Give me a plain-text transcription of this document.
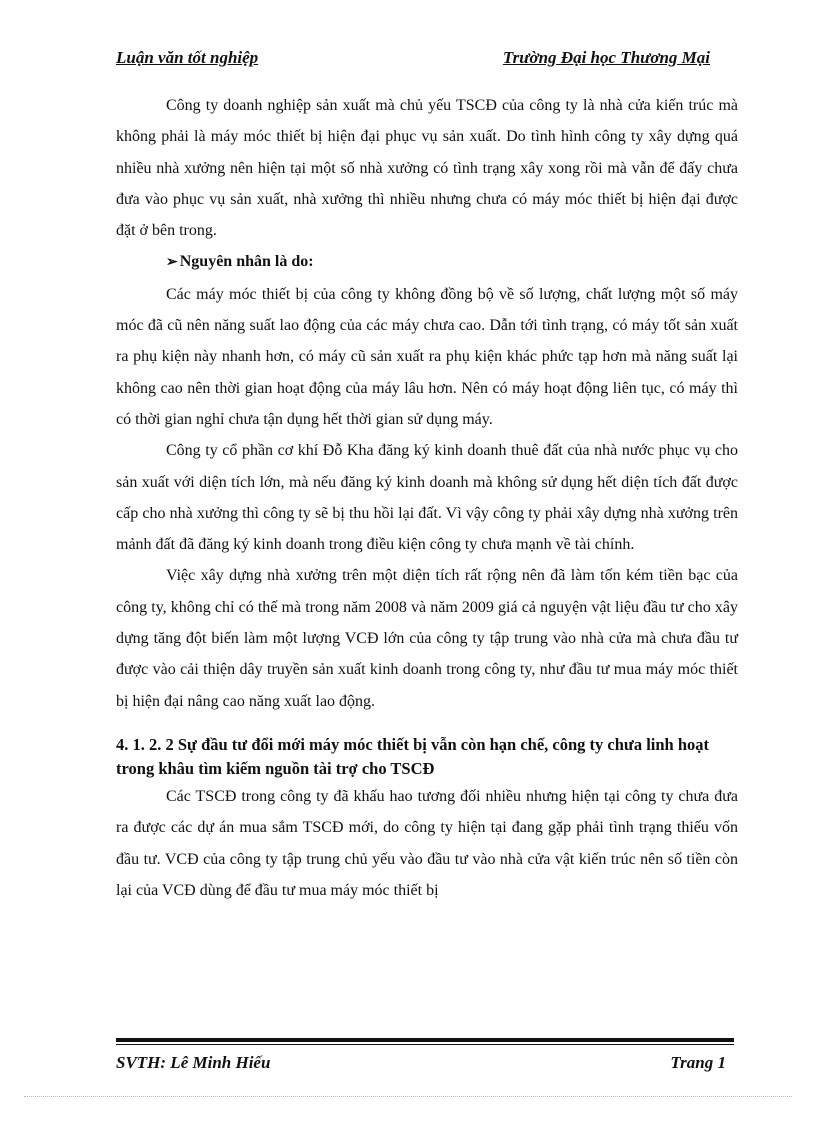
Luận văn tốt nghiệp	Trường Đại học Thương Mại

Công ty doanh nghiệp sản xuất mà chủ yếu TSCĐ của công ty là nhà cửa kiến trúc mà không phải là máy móc thiết bị hiện đại phục vụ sản xuất. Do tình hình công ty xây dựng quá nhiều nhà xưởng nên hiện tại một số nhà xưởng có tình trạng xây xong rồi mà vẫn để đấy chưa đưa vào phục vụ sản xuất, nhà xưởng thì nhiều nhưng chưa có máy móc thiết bị hiện đại được đặt ở bên trong.

➢ Nguyên nhân là do:

Các máy móc thiết bị của công ty không đồng bộ về số lượng, chất lượng một số máy móc đã cũ nên năng suất lao động của các máy chưa cao. Dẫn tới tình trạng, có máy tốt sản xuất ra phụ kiện này nhanh hơn, có máy cũ sản xuất ra phụ kiện khác phức tạp hơn mà năng suất lại không cao nên thời gian hoạt động của máy lâu hơn. Nên có máy hoạt động liên tục, có máy thì có thời gian nghỉ chưa tận dụng hết thời gian sử dụng máy.

Công ty cổ phần cơ khí Đỗ Kha đăng ký kinh doanh thuê đất của nhà nước phục vụ cho sản xuất với diện tích lớn, mà nếu đăng ký kinh doanh mà không sử dụng hết diện tích đất được cấp cho nhà xưởng thì công ty sẽ bị thu hồi lại đất. Vì vậy công ty phải xây dựng nhà xưởng trên mảnh đất đã đăng ký kinh doanh trong điều kiện công ty chưa mạnh về tài chính.

Việc xây dựng nhà xưởng trên một diện tích rất rộng nên đã làm tốn kém tiền bạc của công ty, không chỉ có thế mà trong năm 2008 và năm 2009 giá cả nguyện vật liệu đầu tư cho xây dựng tăng đột biến làm một lượng VCĐ lớn của công ty tập trung vào nhà cửa mà chưa đầu tư được vào cải thiện dây truyền sản xuất kinh doanh trong công ty, như đầu tư mua máy móc thiết bị hiện đại nâng cao năng xuất lao động.

4. 1. 2. 2 Sự đầu tư đổi mới máy móc thiết bị vẫn còn hạn chế, công ty chưa linh hoạt trong khâu tìm kiếm nguồn tài trợ cho TSCĐ

Các TSCĐ trong công ty đã khấu hao tương đối nhiều nhưng hiện tại công ty chưa đưa ra được các dự án mua sắm TSCĐ mới, do công ty hiện tại đang gặp phải tình trạng thiếu vốn đầu tư. VCĐ của công ty tập trung chủ yếu vào đầu tư vào nhà cửa vật kiến trúc nên số tiền còn lại của VCĐ dùng để đầu tư mua máy móc thiết bị

SVTH: Lê Minh Hiếu	Trang 1
